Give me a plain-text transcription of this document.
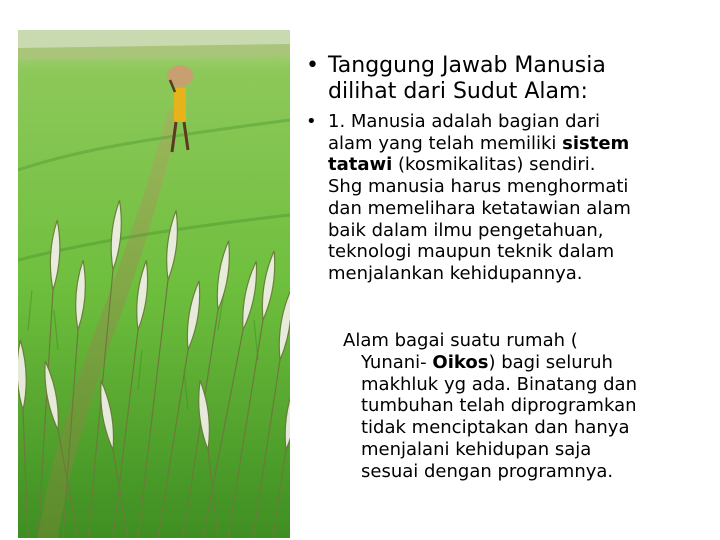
• Tanggung Jawab Manusia
dilihat dari Sudut Alam:
• 1. Manusia adalah bagian dari
alam yang telah memiliki sistem
tatawi (kosmikalitas) sendiri.
Shg manusia harus menghormati
dan memelihara ketatawian alam
baik dalam ilmu pengetahuan,
teknologi maupun teknik dalam
menjalankan kehidupannya.
Alam bagai suatu rumah (
Yunani- Oikos) bagi seluruh
makhluk yg ada. Binatang dan
tumbuhan telah diprogramkan
tidak menciptakan dan hanya
menjalani kehidupan saja
sesuai dengan programnya.
